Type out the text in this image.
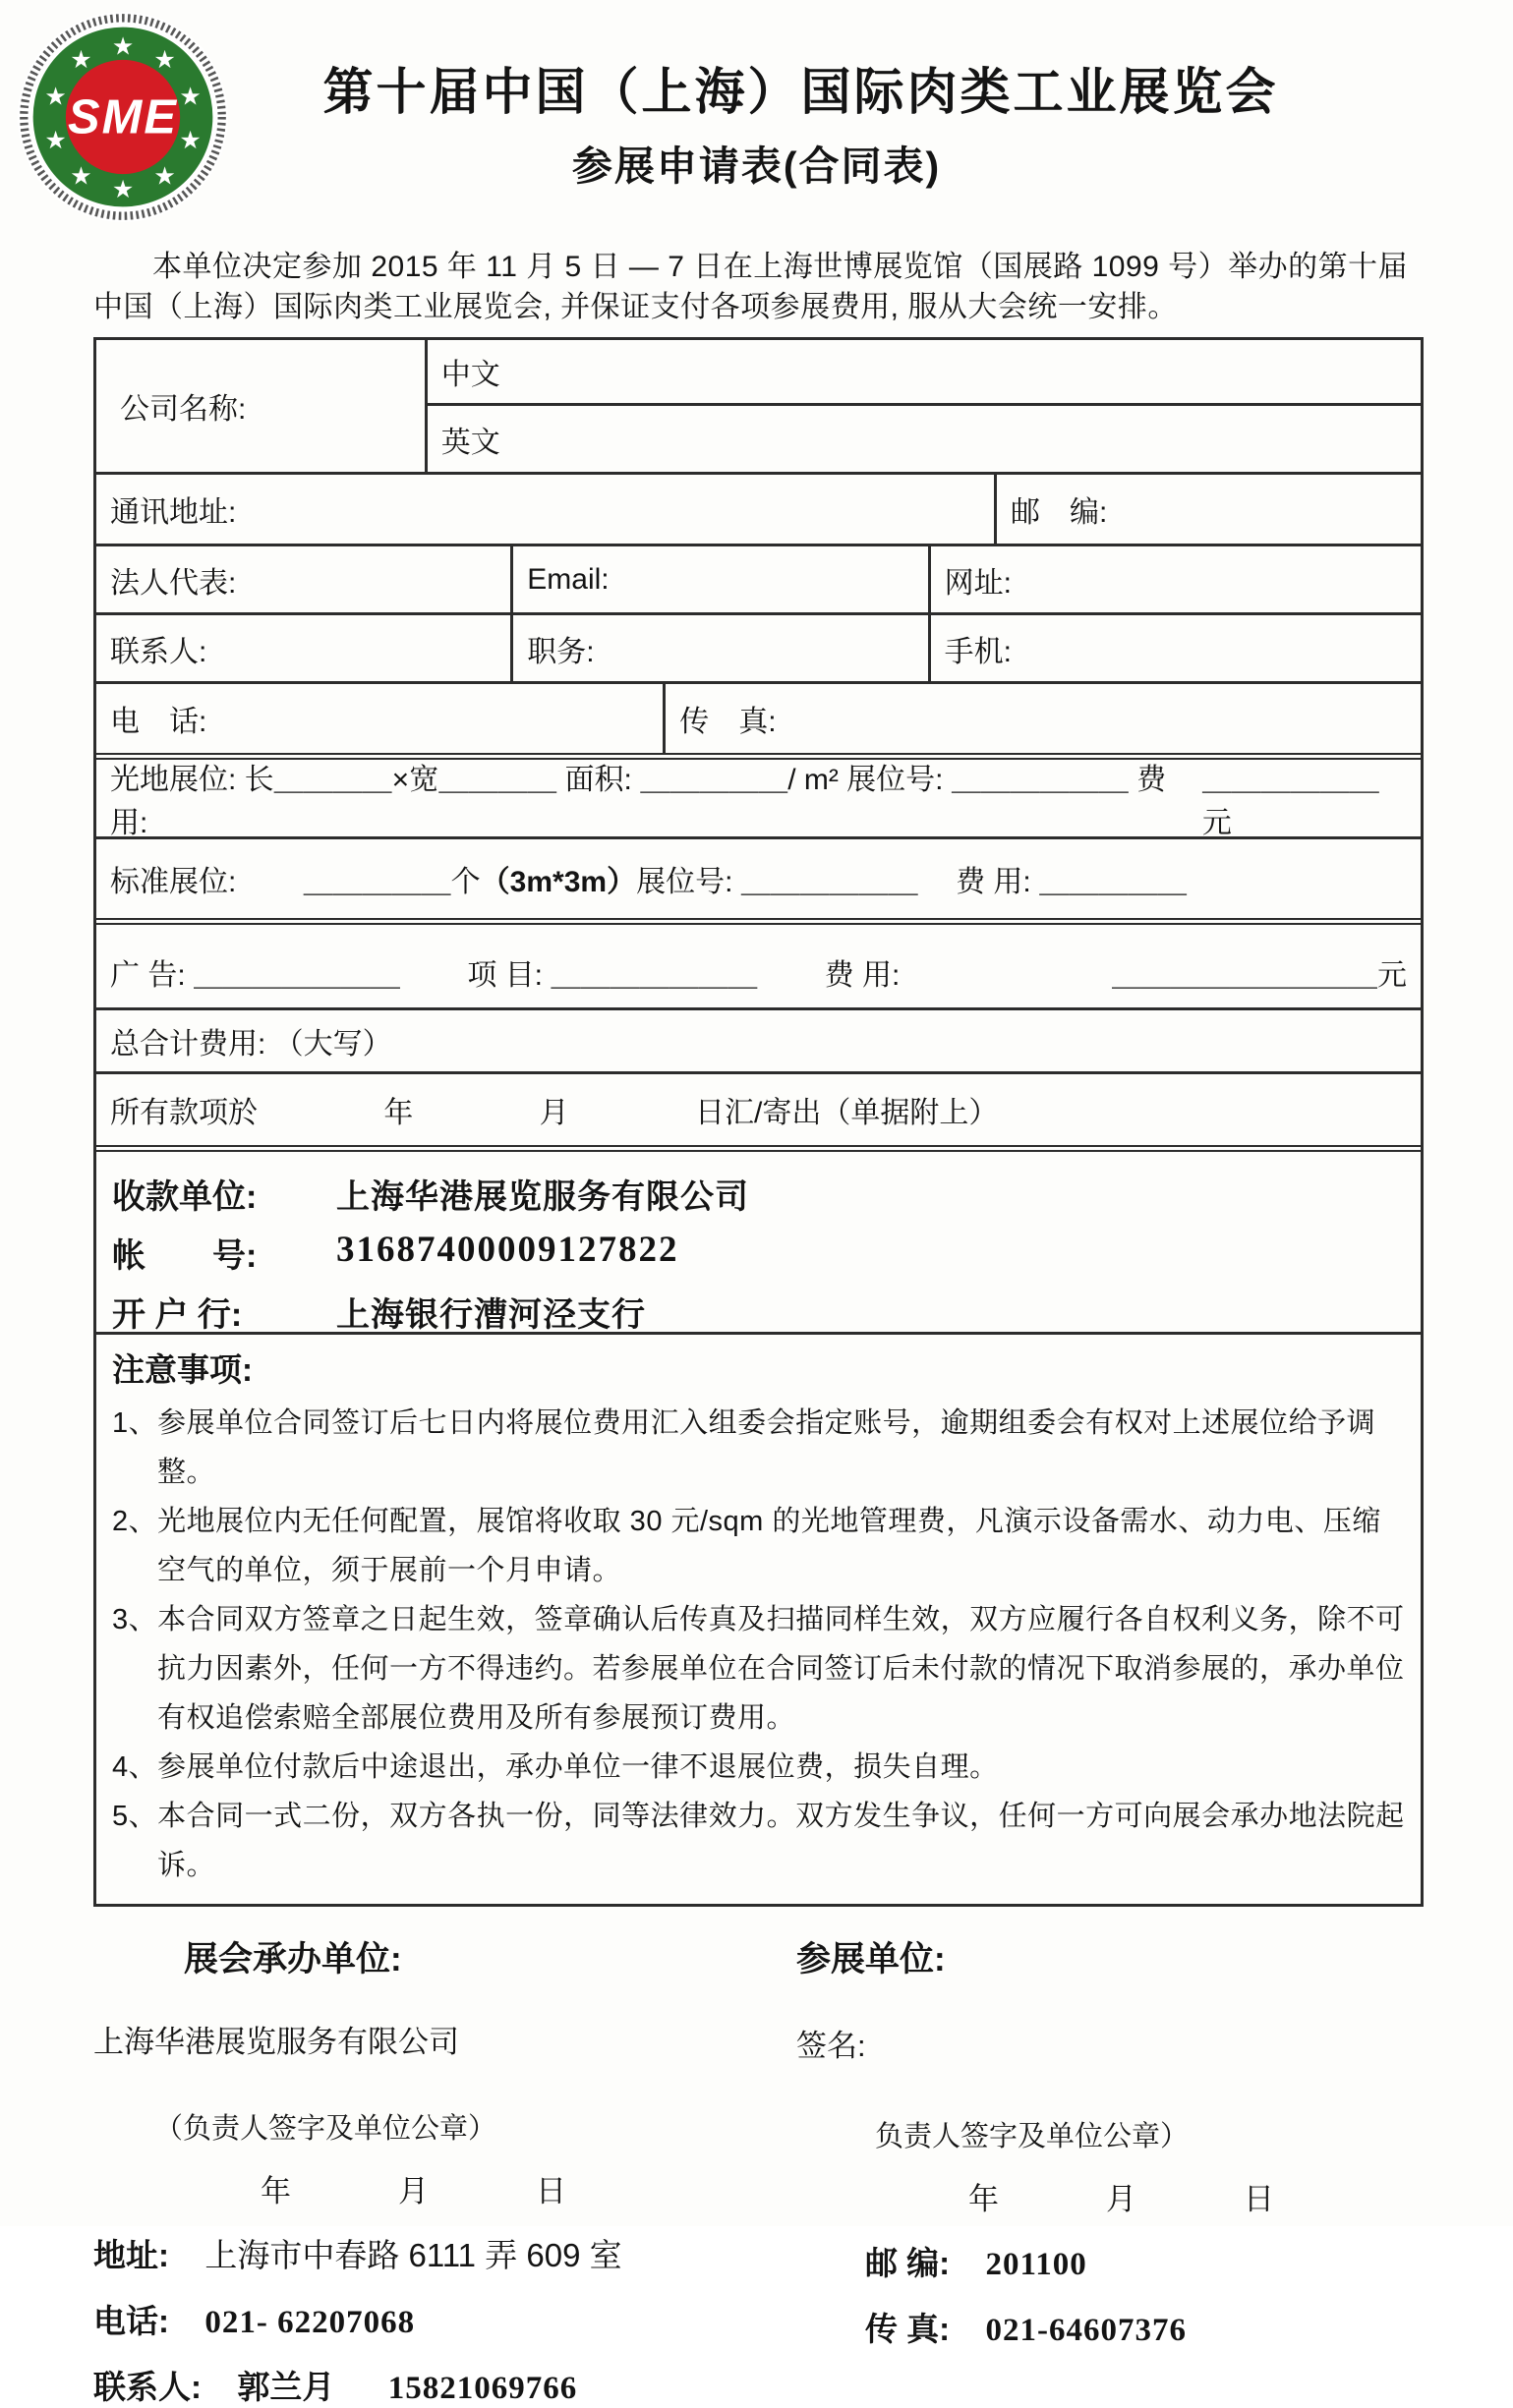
★ ★
★
★
★
★
★
★
★
★
SME	第十届中国（上海）国际肉类工业展览会
参展申请表(合同表)
本单位决定参加 2015 年 11 月 5 日 — 7 日在上海世博展览馆（国展路 1099 号）举办的第十届中国（上海）国际肉类工业展览会, 并保证支付各项参展费用, 服从大会统一安排。
公司名称:
中文
英文
通讯地址:	邮　编:
法人代表:	Email:	网址:
联系人:	职务:	手机:
电　话:	传　真:
光地展位: 长＿＿＿＿×宽＿＿＿＿ 面积: ＿＿＿＿＿/ m² 展位号: ＿＿＿＿＿＿ 费 用:
＿＿＿＿＿＿元
标准展位: 　　＿＿＿＿＿个 （3m*3m） 展位号: ＿＿＿＿＿＿　 费 用: ＿＿＿＿＿
广 告: ＿＿＿＿＿＿＿　　 项 目: ＿＿＿＿＿＿＿　　 费 用:	＿＿＿＿＿＿＿＿＿元
总合计费用: （大写）
所有款项於　　　　 年　　　　 月　　　　 日汇/寄出（单据附上）
收款单位:	上海华港展览服务有限公司
帐　　号:	31687400009127822
开 户 行:	上海银行漕河泾支行
注意事项:
1、参展单位合同签订后七日内将展位费用汇入组委会指定账号，逾期组委会有权对上述展位给予调整。
2、光地展位内无任何配置，展馆将收取 30 元/sqm 的光地管理费，凡演示设备需水、动力电、压缩空气的单位，须于展前一个月申请。
3、本合同双方签章之日起生效，签章确认后传真及扫描同样生效，双方应履行各自权利义务，除不可抗力因素外，任何一方不得违约。若参展单位在合同签订后未付款的情况下取消参展的，承办单位有权追偿索赔全部展位费用及所有参展预订费用。
4、参展单位付款后中途退出，承办单位一律不退展位费，损失自理。
5、本合同一式二份，双方各执一份，同等法律效力。双方发生争议，任何一方可向展会承办地法院起诉。
展会承办单位:
上海华港展览服务有限公司
（负责人签字及单位公章）
年　　　月　　　日
地址: 上海市中春路 6111 弄 609 室
电话: 021- 62207068
联系人: 郭兰月 15821069766
参展单位:
签名:
负责人签字及单位公章）
年　　　月　　　日
邮 编: 201100
传 真: 021-64607376
